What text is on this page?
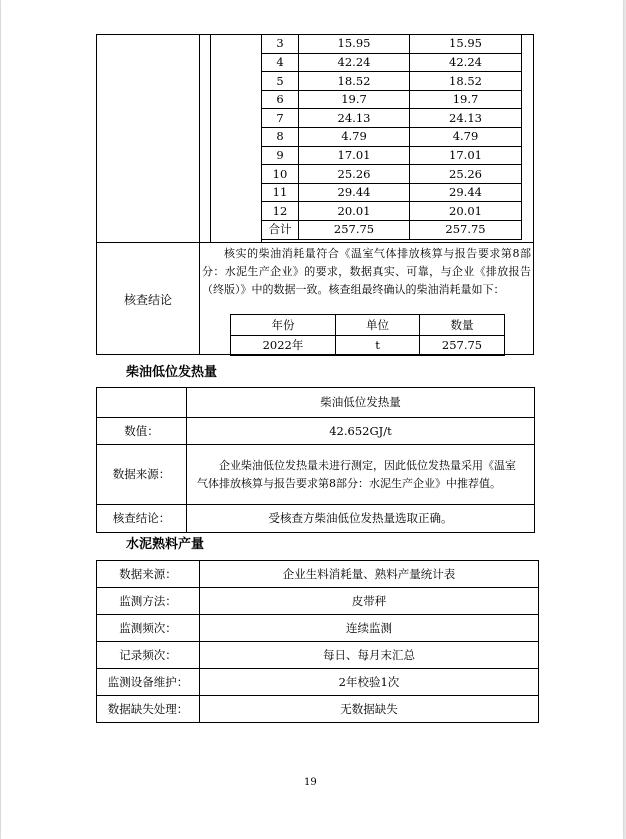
3	15.95	15.95
4	42.24	42.24
5	18.52	18.52
6	19.7	19.7
7	24.13	24.13
8	4.79	4.79
9	17.01	17.01
10	25.26	25.26
11	29.44	29.44
12	20.01	20.01
合计	257.75	257.75
核查结论
核实的柴油消耗量符合《温室气体排放核算与报告要求第8部分：水泥生产企业》的要求，数据真实、可靠，与企业《排放报告（终版）》中的数据一致。核查组最终确认的柴油消耗量如下：
年份	单位	数量
2022年	t	257.75
柴油低位发热量
	柴油低位发热量
数值：	42.652GJ/t
数据来源：	企业柴油低位发热量未进行测定，因此低位发热量采用《温室气体排放核算与报告要求第8部分：水泥生产企业》中推荐值。

核查结论：	受核查方柴油低位发热量选取正确。
水泥熟料产量
数据来源：	企业生料消耗量、熟料产量统计表
监测方法：	皮带秤
监测频次：	连续监测
记录频次：	每日、每月末汇总
监测设备维护：	2年校验1次
数据缺失处理：	无数据缺失
19
